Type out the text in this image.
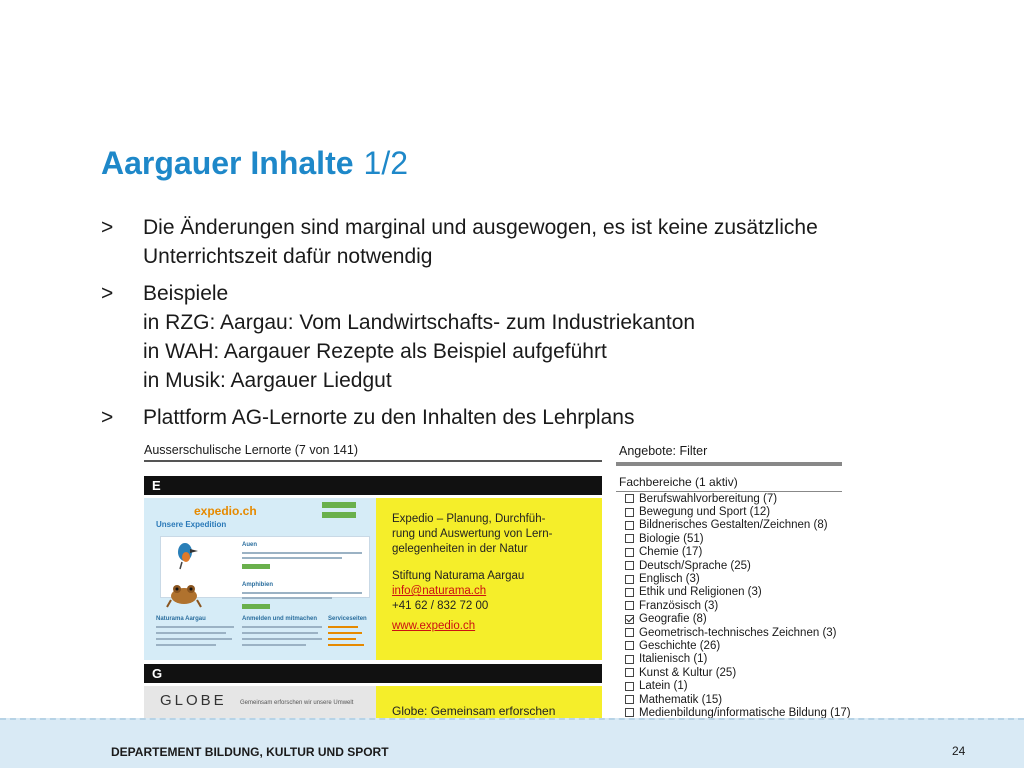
Aargauer Inhalte 1/2
> Die Änderungen sind marginal und ausgewogen, es ist keine zusätzliche
Unterrichtszeit dafür notwendig
> Beispiele
in RZG: Aargau: Vom Landwirtschafts- zum Industriekanton
in WAH: Aargauer Rezepte als Beispiel aufgeführt
in Musik: Aargauer Liedgut
> Plattform AG-Lernorte zu den Inhalten des Lehrplans
Ausserschulische Lernorte (7 von 141)
E
expedio.ch
Unsere Expedition
Auen
Amphibien
Naturama Aargau	Anmelden und mitmachen Serviceseiten
Expedio – Planung, Durchfüh-
rung und Auswertung von Lern-
gelegenheiten in der Natur
Stiftung Naturama Aargau
info@naturama.ch
+41 62 / 832 72 00
www.expedio.ch
G
GLOBE Gemeinsam erforschen wir unsere Umwelt
Globe: Gemeinsam erforschen
Angebote: Filter
Fachbereiche (1 aktiv)
Berufswahlvorbereitung (7)
Bewegung und Sport (12)
Bildnerisches Gestalten/Zeichnen (8)
Biologie (51)
Chemie (17)
Deutsch/Sprache (25)
Englisch (3)
Ethik und Religionen (3)
Französisch (3)
Geografie (8)
Geometrisch-technisches Zeichnen (3)
Geschichte (26)
Italienisch (1)
Kunst & Kultur (25)
Latein (1)
Mathematik (15)
Medienbildung/informatische Bildung (17)
DEPARTEMENT BILDUNG, KULTUR UND SPORT	24
